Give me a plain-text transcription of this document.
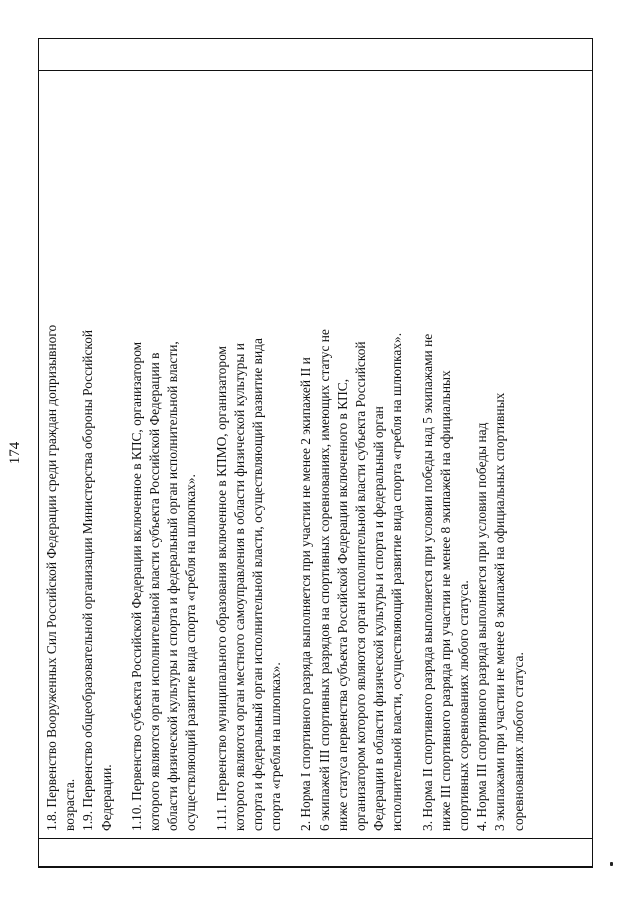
174 1.8. Первенство Вооруженных Сил Российской Федерации среди граждан допризывного возраста. 1.9. Первенство общеобразовательной организации Министерства обороны Российской Федерации. 1.10. Первенство субъекта Российской Федерации включенное в КПС, организатором которого являются орган исполнительной власти субъекта Российской Федерации в области физической культуры и спорта и федеральный орган исполнительной власти, осуществляющий развитие вида спорта «гребля на шлюпках». 1.11. Первенство муниципального образования включенное в КПМО, организатором которого являются орган местного самоуправления в области физической культуры и спорта и федеральный орган исполнительной власти, осуществляющий развитие вида спорта «гребля на шлюпках». 2. Норма I спортивного разряда выполняется при участии не менее 2 экипажей II и 6 экипажей III спортивных разрядов на спортивных соревнованиях, имеющих статус не ниже статуса первенства субъекта Российской Федерации включенного в КПС, организатором которого являются орган исполнительной власти субъекта Российской Федерации в области физической культуры и спорта и федеральный орган исполнительной власти, осуществляющий развитие вида спорта «гребля на шлюпках». 3. Норма II спортивного разряда выполняется при условии победы над 5 экипажами не ниже III спортивного разряда при участии не менее 8 экипажей на официальных спортивных соревнованиях любого статуса. 4. Норма III спортивного разряда выполняется при условии победы над 3 экипажами при участии не менее 8 экипажей на официальных спортивных соревнованиях любого статуса.
